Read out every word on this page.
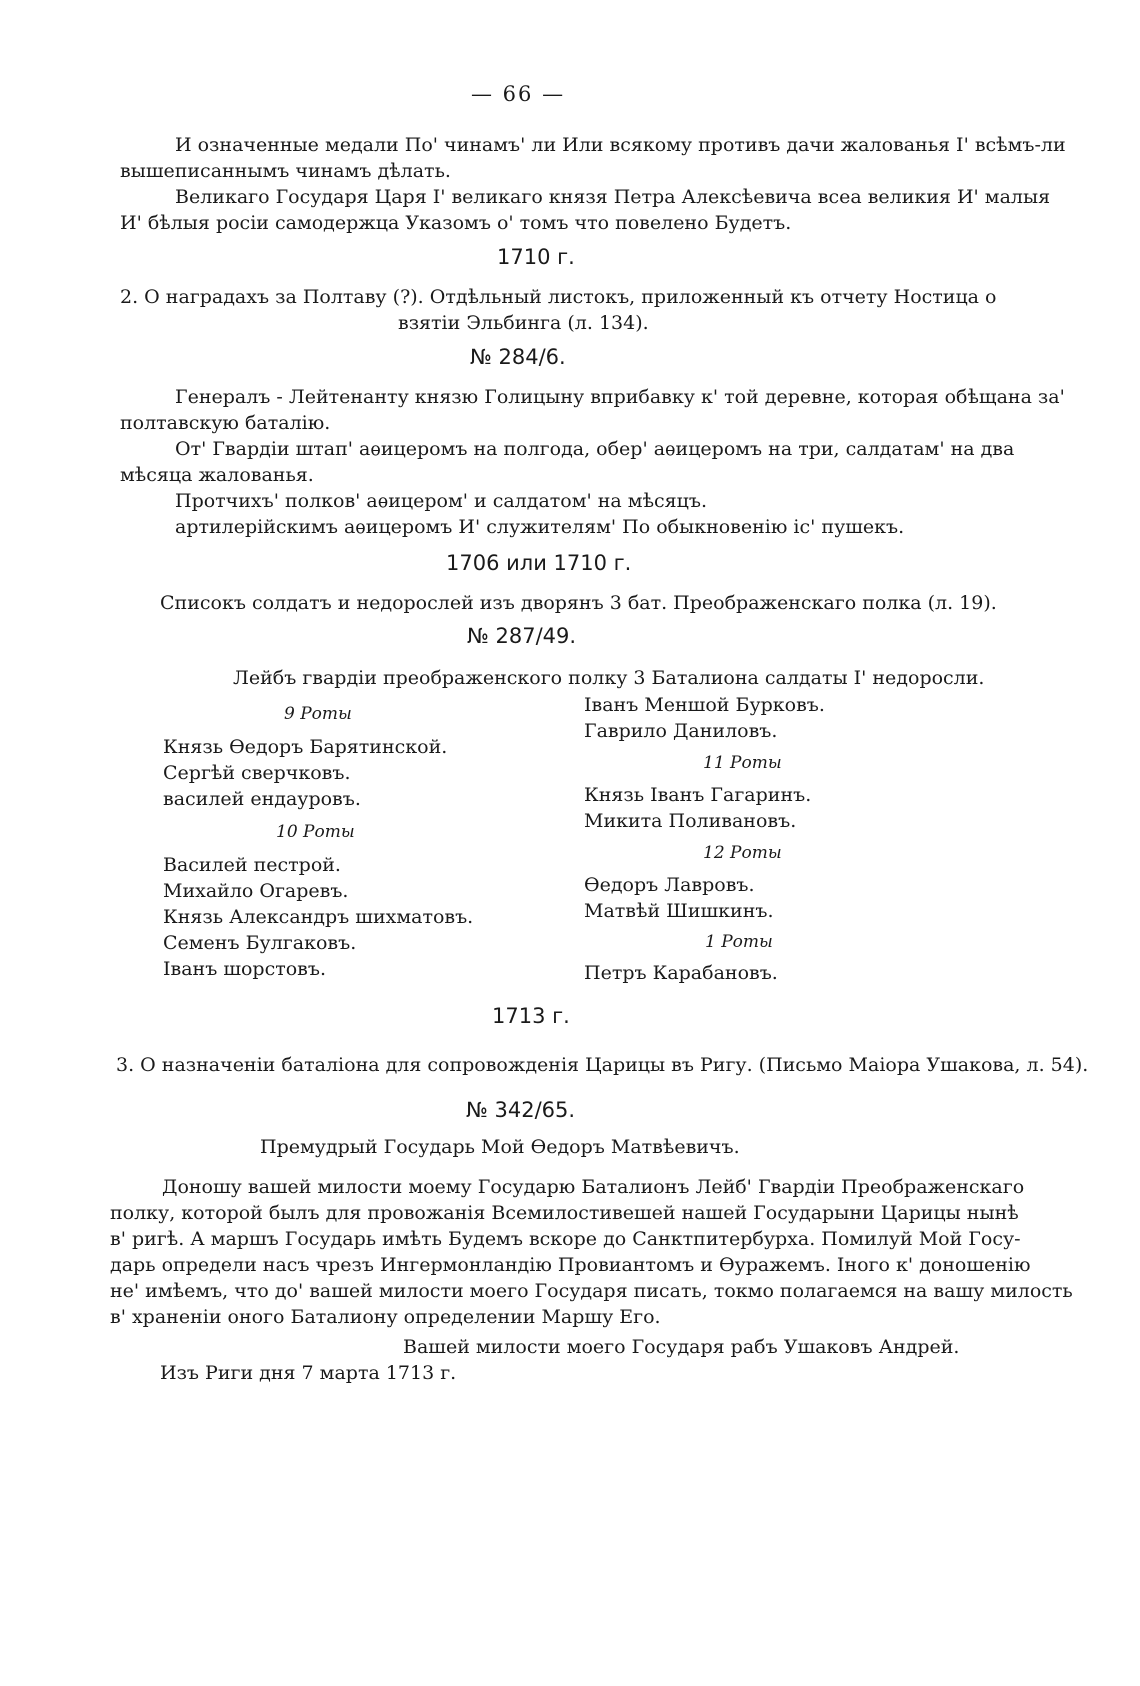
— 66 —
И означенные медали По' чинамъ' ли Или всякому противъ дачи жалованья I' всѣмъ-ли
вышеписаннымъ чинамъ дѣлать.
Великаго Государя Царя I' великаго князя Петра Алексѣевича всеа великия И' малыя
И' бѣлыя росiи самодержца Указомъ о' томъ что повелено Будетъ.
1710 г.
2. О наградахъ за Полтаву (?). Отдѣльный листокъ, приложенный къ отчету Ностица о
взятiи Эльбинга (л. 134).
№ 284/6.
Генералъ - Лейтенанту князю Голицыну вприбавку к' той деревне, которая обѣщана за'
полтавскую баталiю.
От' Гвардiи штап' аѳицеромъ на полгода, обер' аѳицеромъ на три, салдатам' на два
мѣсяца жалованья.
Протчихъ' полков' аѳицером' и салдатом' на мѣсяцъ.
артилерiйскимъ аѳицеромъ И' служителям' По обыкновенiю iс' пушекъ.
1706 или 1710 г.
Списокъ солдатъ и недорослей изъ дворянъ 3 бат. Преображенскаго полка (л. 19).
№ 287/49.
Лейбъ гвардiи преображенского полку 3 Баталиона салдаты I' недоросли.
9 Роты
Князь Ѳедоръ Барятинской.
Сергѣй сверчковъ.
василей ендауровъ.
10 Роты
Василей пестрой.
Михайло Огаревъ.
Князь Александръ шихматовъ.
Семенъ Булгаковъ.
Iванъ шорстовъ.
Iванъ Меншой Бурковъ.
Гаврило Даниловъ.
11 Роты
Князь Iванъ Гагаринъ.
Микита Поливановъ.
12 Роты
Ѳедоръ Лавровъ.
Матвѣй Шишкинъ.
1 Роты
Петръ Карабановъ.
1713 г.
3. О назначенiи баталiона для сопровожденiя Царицы въ Ригу. (Письмо Маiора Ушакова, л. 54).
№ 342/65.
Премудрый Государь Мой Ѳедоръ Матвѣевичъ.
Доношу вашей милости моему Государю Баталионъ Лейб' Гвардiи Преображенскаго
полку, которой былъ для провожанiя Всемилостивешей нашей Государыни Царицы нынѣ
в' ригѣ. А маршъ Государь имѣть Будемъ вскоре до Санктпитербурха. Помилуй Мой Госу-
дарь определи насъ чрезъ Ингермонландiю Провиантомъ и Ѳуражемъ. Iного к' доношенiю
не' имѣемъ, что до' вашей милости моего Государя писать, токмо полагаемся на вашу милость
в' храненiи оного Баталиону определении Маршу Его.
Вашей милости моего Государя рабъ Ушаковъ Андрей.
Изъ Риги дня 7 марта 1713 г.
